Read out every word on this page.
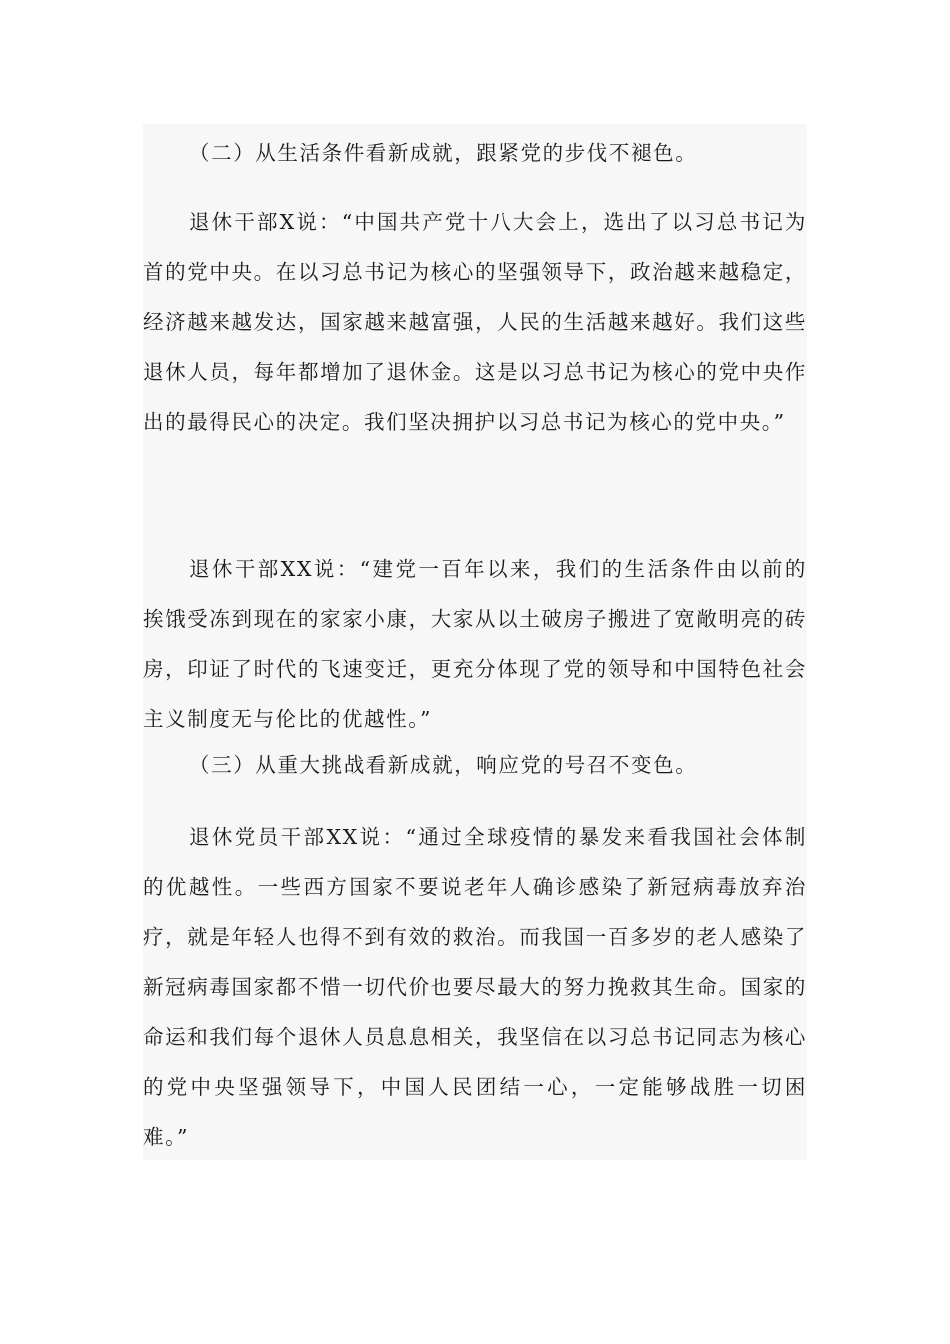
（二）从生活条件看新成就，跟紧党的步伐不褪色。

退休干部X说：“中国共产党十八大会上，选出了以习总书记为首的党中央。在以习总书记为核心的坚强领导下，政治越来越稳定，经济越来越发达，国家越来越富强，人民的生活越来越好。我们这些退休人员，每年都增加了退休金。这是以习总书记为核心的党中央作出的最得民心的决定。我们坚决拥护以习总书记为核心的党中央。”

退休干部XX说：“建党一百年以来，我们的生活条件由以前的挨饿受冻到现在的家家小康，大家从以土破房子搬进了宽敞明亮的砖房，印证了时代的飞速变迁，更充分体现了党的领导和中国特色社会主义制度无与伦比的优越性。”

（三）从重大挑战看新成就，响应党的号召不变色。

退休党员干部XX说：“通过全球疫情的暴发来看我国社会体制的优越性。一些西方国家不要说老年人确诊感染了新冠病毒放弃治疗，就是年轻人也得不到有效的救治。而我国一百多岁的老人感染了新冠病毒国家都不惜一切代价也要尽最大的努力挽救其生命。国家的命运和我们每个退休人员息息相关，我坚信在以习总书记同志为核心的党中央坚强领导下，中国人民团结一心，一定能够战胜一切困难。”
